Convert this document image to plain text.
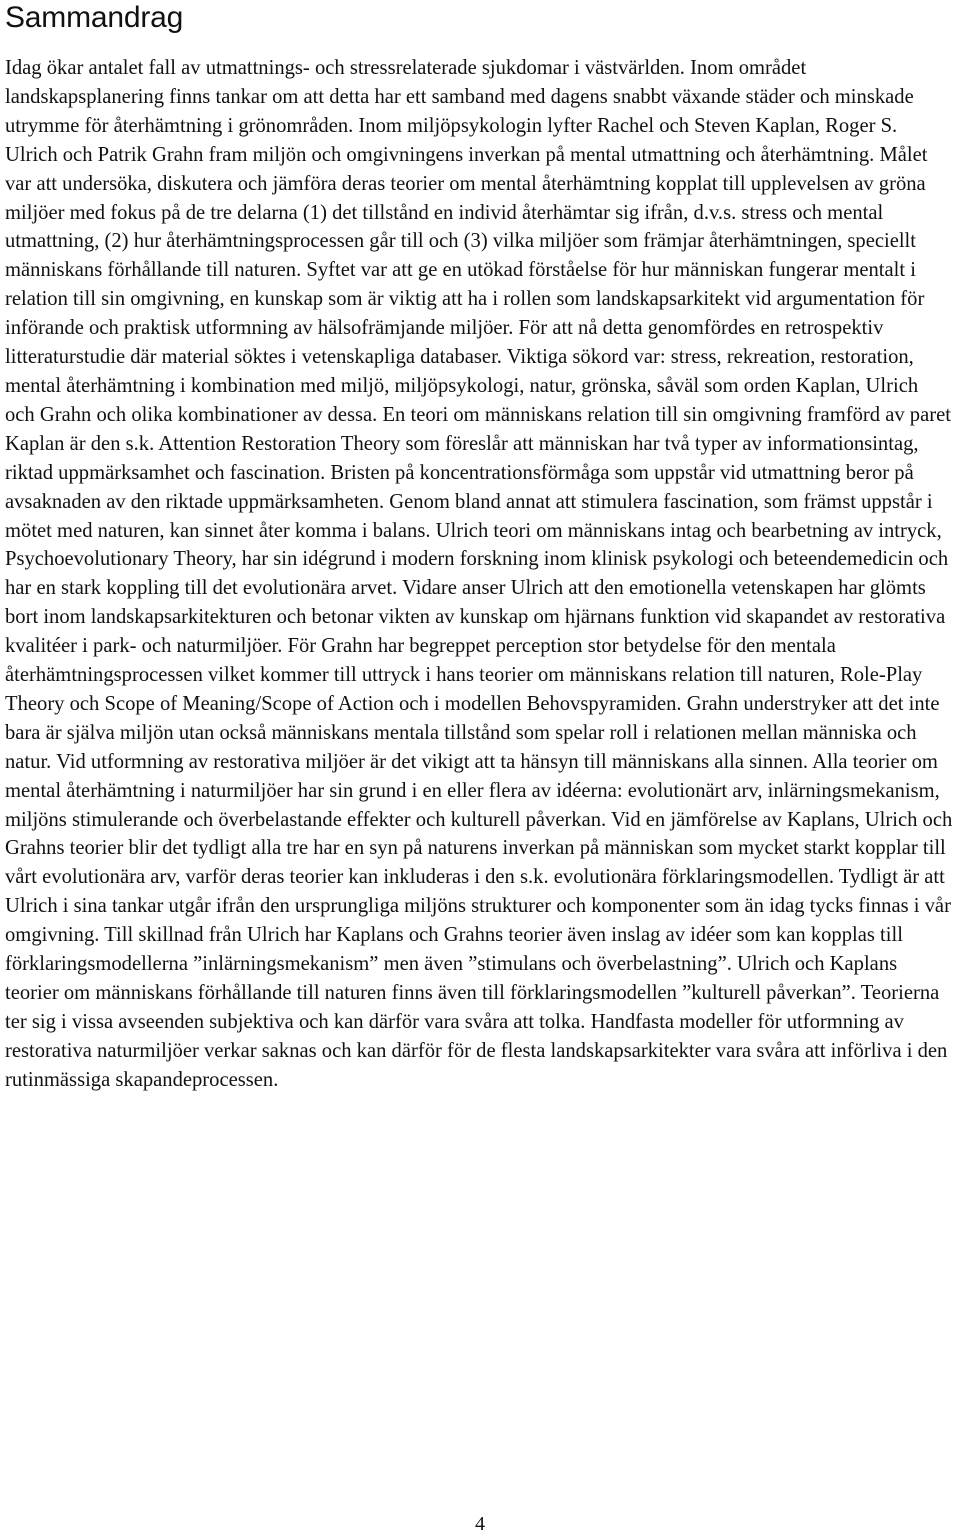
Sammandrag

Idag ökar antalet fall av utmattnings- och stressrelaterade sjukdomar i västvärlden. Inom området landskapsplanering finns tankar om att detta har ett samband med dagens snabbt växande städer och minskade utrymme för återhämtning i grönområden. Inom miljöpsykologin lyfter Rachel och Steven Kaplan, Roger S. Ulrich och Patrik Grahn fram miljön och omgivningens inverkan på mental utmattning och återhämtning. Målet var att undersöka, diskutera och jämföra deras teorier om mental återhämtning kopplat till upplevelsen av gröna miljöer med fokus på de tre delarna (1) det tillstånd en individ återhämtar sig ifrån, d.v.s. stress och mental utmattning, (2) hur återhämtningsprocessen går till och (3) vilka miljöer som främjar återhämtningen, speciellt människans förhållande till naturen. Syftet var att ge en utökad förståelse för hur människan fungerar mentalt i relation till sin omgivning, en kunskap som är viktig att ha i rollen som landskapsarkitekt vid argumentation för införande och praktisk utformning av hälsofrämjande miljöer. För att nå detta genomfördes en retrospektiv litteraturstudie där material söktes i vetenskapliga databaser. Viktiga sökord var: stress, rekreation, restoration, mental återhämtning i kombination med miljö, miljöpsykologi, natur, grönska, såväl som orden Kaplan, Ulrich och Grahn och olika kombinationer av dessa. En teori om människans relation till sin omgivning framförd av paret Kaplan är den s.k. Attention Restoration Theory som föreslår att människan har två typer av informationsintag, riktad uppmärksamhet och fascination. Bristen på koncentrationsförmåga som uppstår vid utmattning beror på avsaknaden av den riktade uppmärksamheten. Genom bland annat att stimulera fascination, som främst uppstår i mötet med naturen, kan sinnet åter komma i balans. Ulrich teori om människans intag och bearbetning av intryck, Psychoevolutionary Theory, har sin idégrund i modern forskning inom klinisk psykologi och beteendemedicin och har en stark koppling till det evolutionära arvet. Vidare anser Ulrich att den emotionella vetenskapen har glömts bort inom landskapsarkitekturen och betonar vikten av kunskap om hjärnans funktion vid skapandet av restorativa kvalitéer i park- och naturmiljöer. För Grahn har begreppet perception stor betydelse för den mentala återhämtningsprocessen vilket kommer till uttryck i hans teorier om människans relation till naturen, Role-Play Theory och Scope of Meaning/Scope of Action och i modellen Behovspyramiden. Grahn understryker att det inte bara är själva miljön utan också människans mentala tillstånd som spelar roll i relationen mellan människa och natur. Vid utformning av restorativa miljöer är det vikigt att ta hänsyn till människans alla sinnen. Alla teorier om mental återhämtning i naturmiljöer har sin grund i en eller flera av idéerna: evolutionärt arv, inlärningsmekanism, miljöns stimulerande och överbelastande effekter och kulturell påverkan. Vid en jämförelse av Kaplans, Ulrich och Grahns teorier blir det tydligt alla tre har en syn på naturens inverkan på människan som mycket starkt kopplar till vårt evolutionära arv, varför deras teorier kan inkluderas i den s.k. evolutionära förklaringsmodellen. Tydligt är att Ulrich i sina tankar utgår ifrån den ursprungliga miljöns strukturer och komponenter som än idag tycks finnas i vår omgivning. Till skillnad från Ulrich har Kaplans och Grahns teorier även inslag av idéer som kan kopplas till förklaringsmodellerna ”inlärningsmekanism” men även ”stimulans och överbelastning”. Ulrich och Kaplans teorier om människans förhållande till naturen finns även till förklaringsmodellen ”kulturell påverkan”. Teorierna ter sig i vissa avseenden subjektiva och kan därför vara svåra att tolka. Handfasta modeller för utformning av restorativa naturmiljöer verkar saknas och kan därför för de flesta landskapsarkitekter vara svåra att införliva i den rutinmässiga skapandeprocessen.

4
